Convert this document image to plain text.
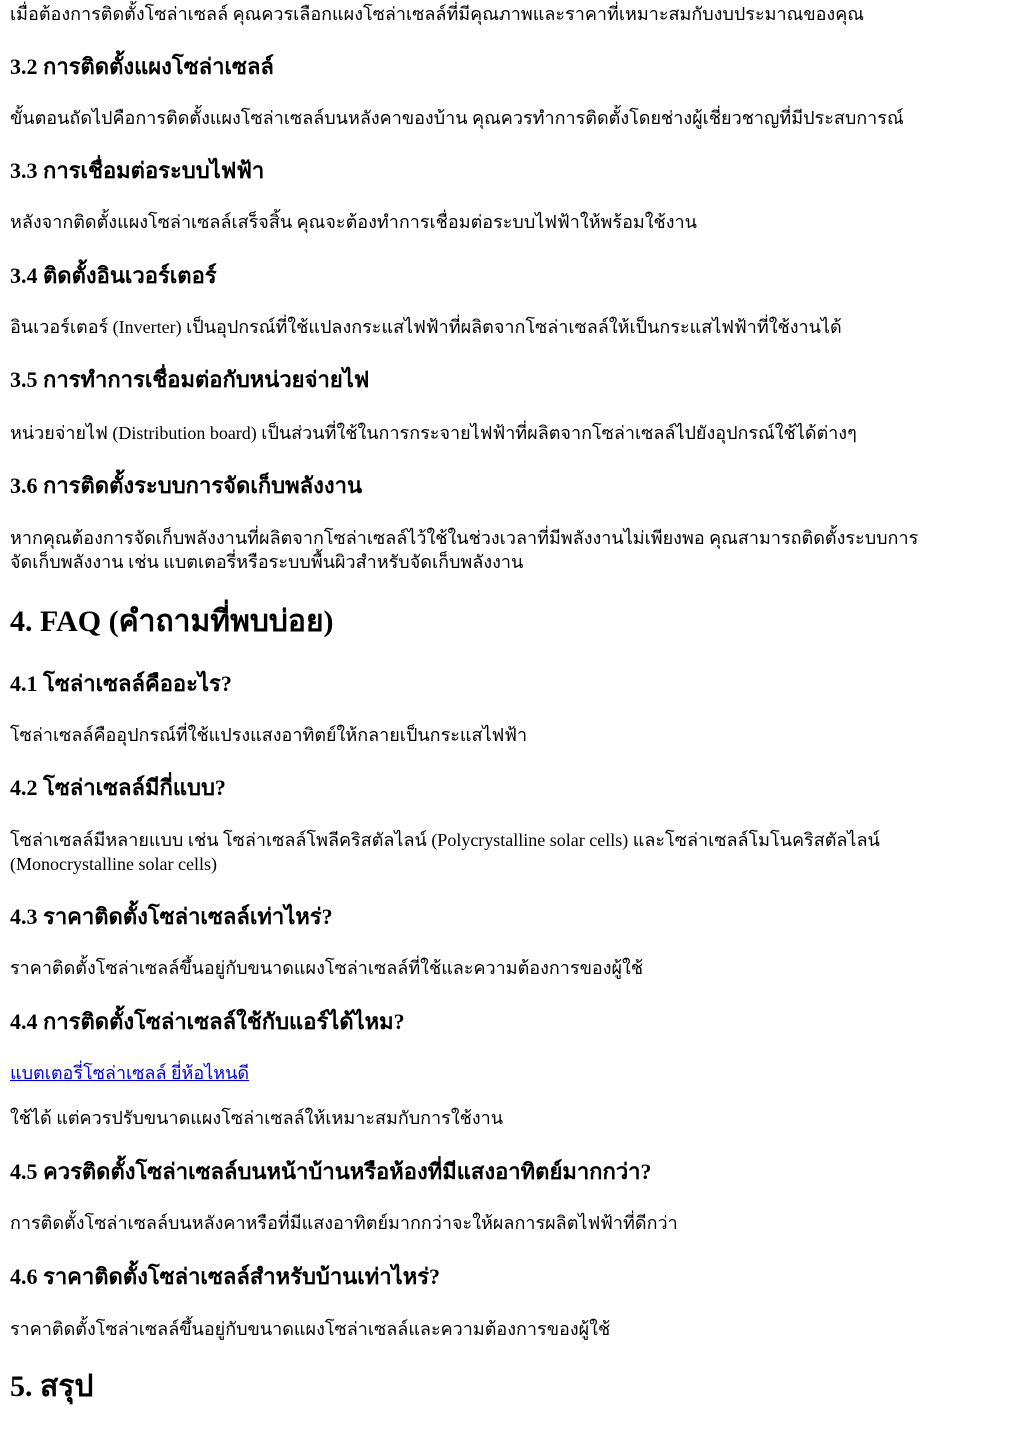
เมื่อต้องการติดตั้งโซล่าเซลล์ คุณควรเลือกแผงโซล่าเซลล์ที่มีคุณภาพและราคาที่เหมาะสมกับงบประมาณของคุณ

3.2 การติดตั้งแผงโซล่าเซลล์

ขั้นตอนถัดไปคือการติดตั้งแผงโซล่าเซลล์บนหลังคาของบ้าน คุณควรทำการติดตั้งโดยช่างผู้เชี่ยวชาญที่มีประสบการณ์

3.3 การเชื่อมต่อระบบไฟฟ้า

หลังจากติดตั้งแผงโซล่าเซลล์เสร็จสิ้น คุณจะต้องทำการเชื่อมต่อระบบไฟฟ้าให้พร้อมใช้งาน

3.4 ติดตั้งอินเวอร์เตอร์

อินเวอร์เตอร์ (Inverter) เป็นอุปกรณ์ที่ใช้แปลงกระแสไฟฟ้าที่ผลิตจากโซล่าเซลล์ให้เป็นกระแสไฟฟ้าที่ใช้งานได้

3.5 การทำการเชื่อมต่อกับหน่วยจ่ายไฟ

หน่วยจ่ายไฟ (Distribution board) เป็นส่วนที่ใช้ในการกระจายไฟฟ้าที่ผลิตจากโซล่าเซลล์ไปยังอุปกรณ์ใช้ได้ต่างๆ

3.6 การติดตั้งระบบการจัดเก็บพลังงาน

หากคุณต้องการจัดเก็บพลังงานที่ผลิตจากโซล่าเซลล์ไว้ใช้ในช่วงเวลาที่มีพลังงานไม่เพียงพอ คุณสามารถติดตั้งระบบการ

จัดเก็บพลังงาน เช่น แบตเตอรี่หรือระบบพื้นผิวสำหรับจัดเก็บพลังงาน

4. FAQ (คำถามที่พบบ่อย)
4.1 โซล่าเซลล์คืออะไร?

โซล่าเซลล์คืออุปกรณ์ที่ใช้แปรงแสงอาทิตย์ให้กลายเป็นกระแสไฟฟ้า

4.2 โซล่าเซลล์มีกี่แบบ?

โซล่าเซลล์มีหลายแบบ เช่น โซล่าเซลล์โพลีคริสตัลไลน์ (Polycrystalline solar cells) และโซล่าเซลล์โมโนคริสตัลไลน์

(Monocrystalline solar cells)

4.3 ราคาติดตั้งโซล่าเซลล์เท่าไหร่?

ราคาติดตั้งโซล่าเซลล์ขึ้นอยู่กับขนาดแผงโซล่าเซลล์ที่ใช้และความต้องการของผู้ใช้

4.4 การติดตั้งโซล่าเซลล์ใช้กับแอร์ได้ไหม?

แบตเตอรี่โซล่าเซลล์ ยี่ห้อไหนดี

ใช้ได้ แต่ควรปรับขนาดแผงโซล่าเซลล์ให้เหมาะสมกับการใช้งาน

4.5 ควรติดตั้งโซล่าเซลล์บนหน้าบ้านหรือห้องที่มีแสงอาทิตย์มากกว่า?

การติดตั้งโซล่าเซลล์บนหลังคาหรือที่มีแสงอาทิตย์มากกว่าจะให้ผลการผลิตไฟฟ้าที่ดีกว่า

4.6 ราคาติดตั้งโซล่าเซลล์สำหรับบ้านเท่าไหร่?

ราคาติดตั้งโซล่าเซลล์ขึ้นอยู่กับขนาดแผงโซล่าเซลล์และความต้องการของผู้ใช้

5. สรุป
